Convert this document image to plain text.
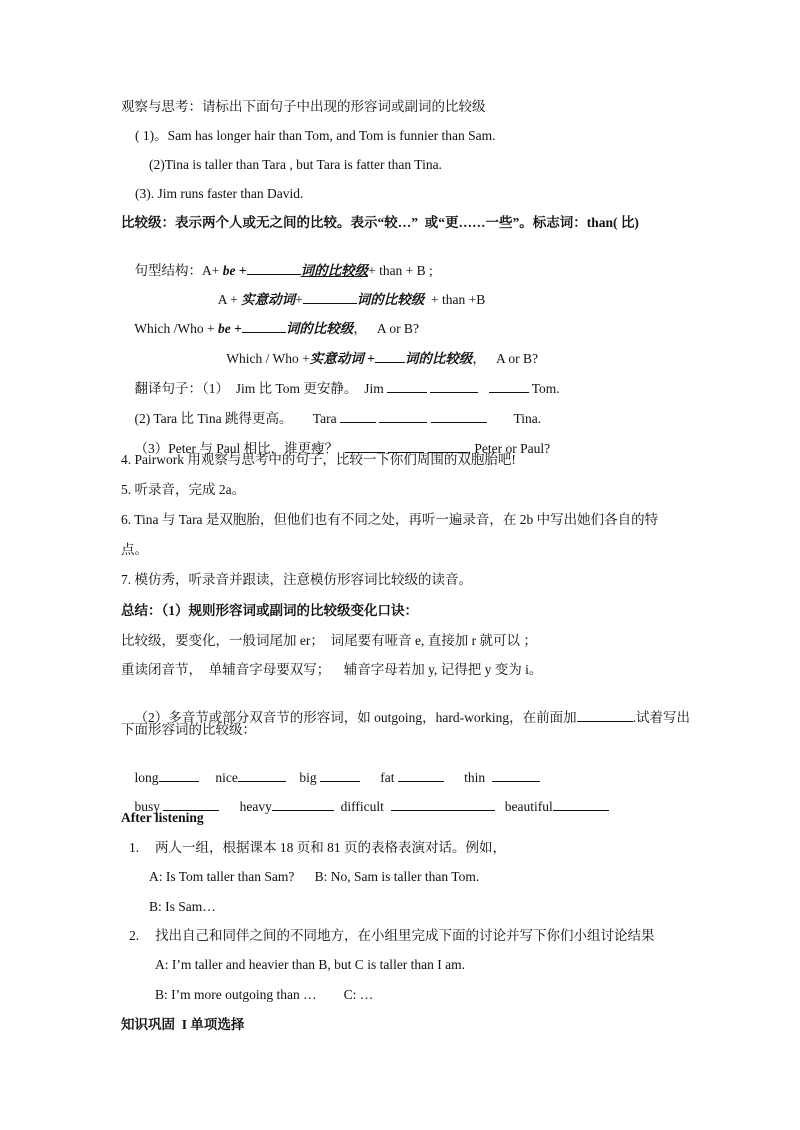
观察与思考：请标出下面句子中出现的形容词或副词的比较级
( 1)。Sam has longer hair than Tom, and Tom is funnier than Sam.
(2)Tina is taller than Tara , but Tara is fatter than Tina.
(3). Jim runs faster than David.
比较级：表示两个人或无之间的比较。表示“较…”  或“更……一些”。标志词：than( 比)

句型结构：A+ be +	词的比较级+ than + B ;

A + 实意动词+	词的比较级  + than +B

Which /Who + be +	词的比较级，   A or B?

Which / Who +实意动词 + 词的比较级，   A or B?

翻译句子：（1）  Jim 比 Tom 更安静。  Jim	Tom.

(2) Tara 比 Tina 跳得更高。      Tara	Tina.

（3）Peter 与 Paul 相比，谁更瘦？	, Peter or Paul?

4. Pairwork 用观察与思考中的句子，比较一下你们周围的双胞胎吧!
5. 听录音，完成 2a。
6. Tina 与 Tara 是双胞胎，但他们也有不同之处，再听一遍录音，在 2b 中写出她们各自的特
点。
7. 模仿秀，听录音并跟读，注意模仿形容词比较级的读音。
总结：（1）规则形容词或副词的比较级变化口诀：
比较级，要变化，一般词尾加 er；  词尾要有哑音 e, 直接加 r 就可以 ；
重读闭音节，  单辅音字母要双写；    辅音字母若加 y, 记得把 y 变为 i。

（2）多音节或部分双音节的形容词，如 outgoing，hard-working，在前面加	.试着写出

下面形容词的比较级：

long	nice	big	fat	thin

busy	heavy	difficult	beautiful

After listening
1. 两人一组，根据课本 18 页和 81 页的表格表演对话。例如，
A: Is Tom taller than Sam?      B: No, Sam is taller than Tom.
B: Is Sam…
2. 找出自己和同伴之间的不同地方，在小组里完成下面的讨论并写下你们小组讨论结果
A: I’m taller and heavier than B, but C is taller than I am.
B: I’m more outgoing than …        C: …
知识巩固  I 单项选择
